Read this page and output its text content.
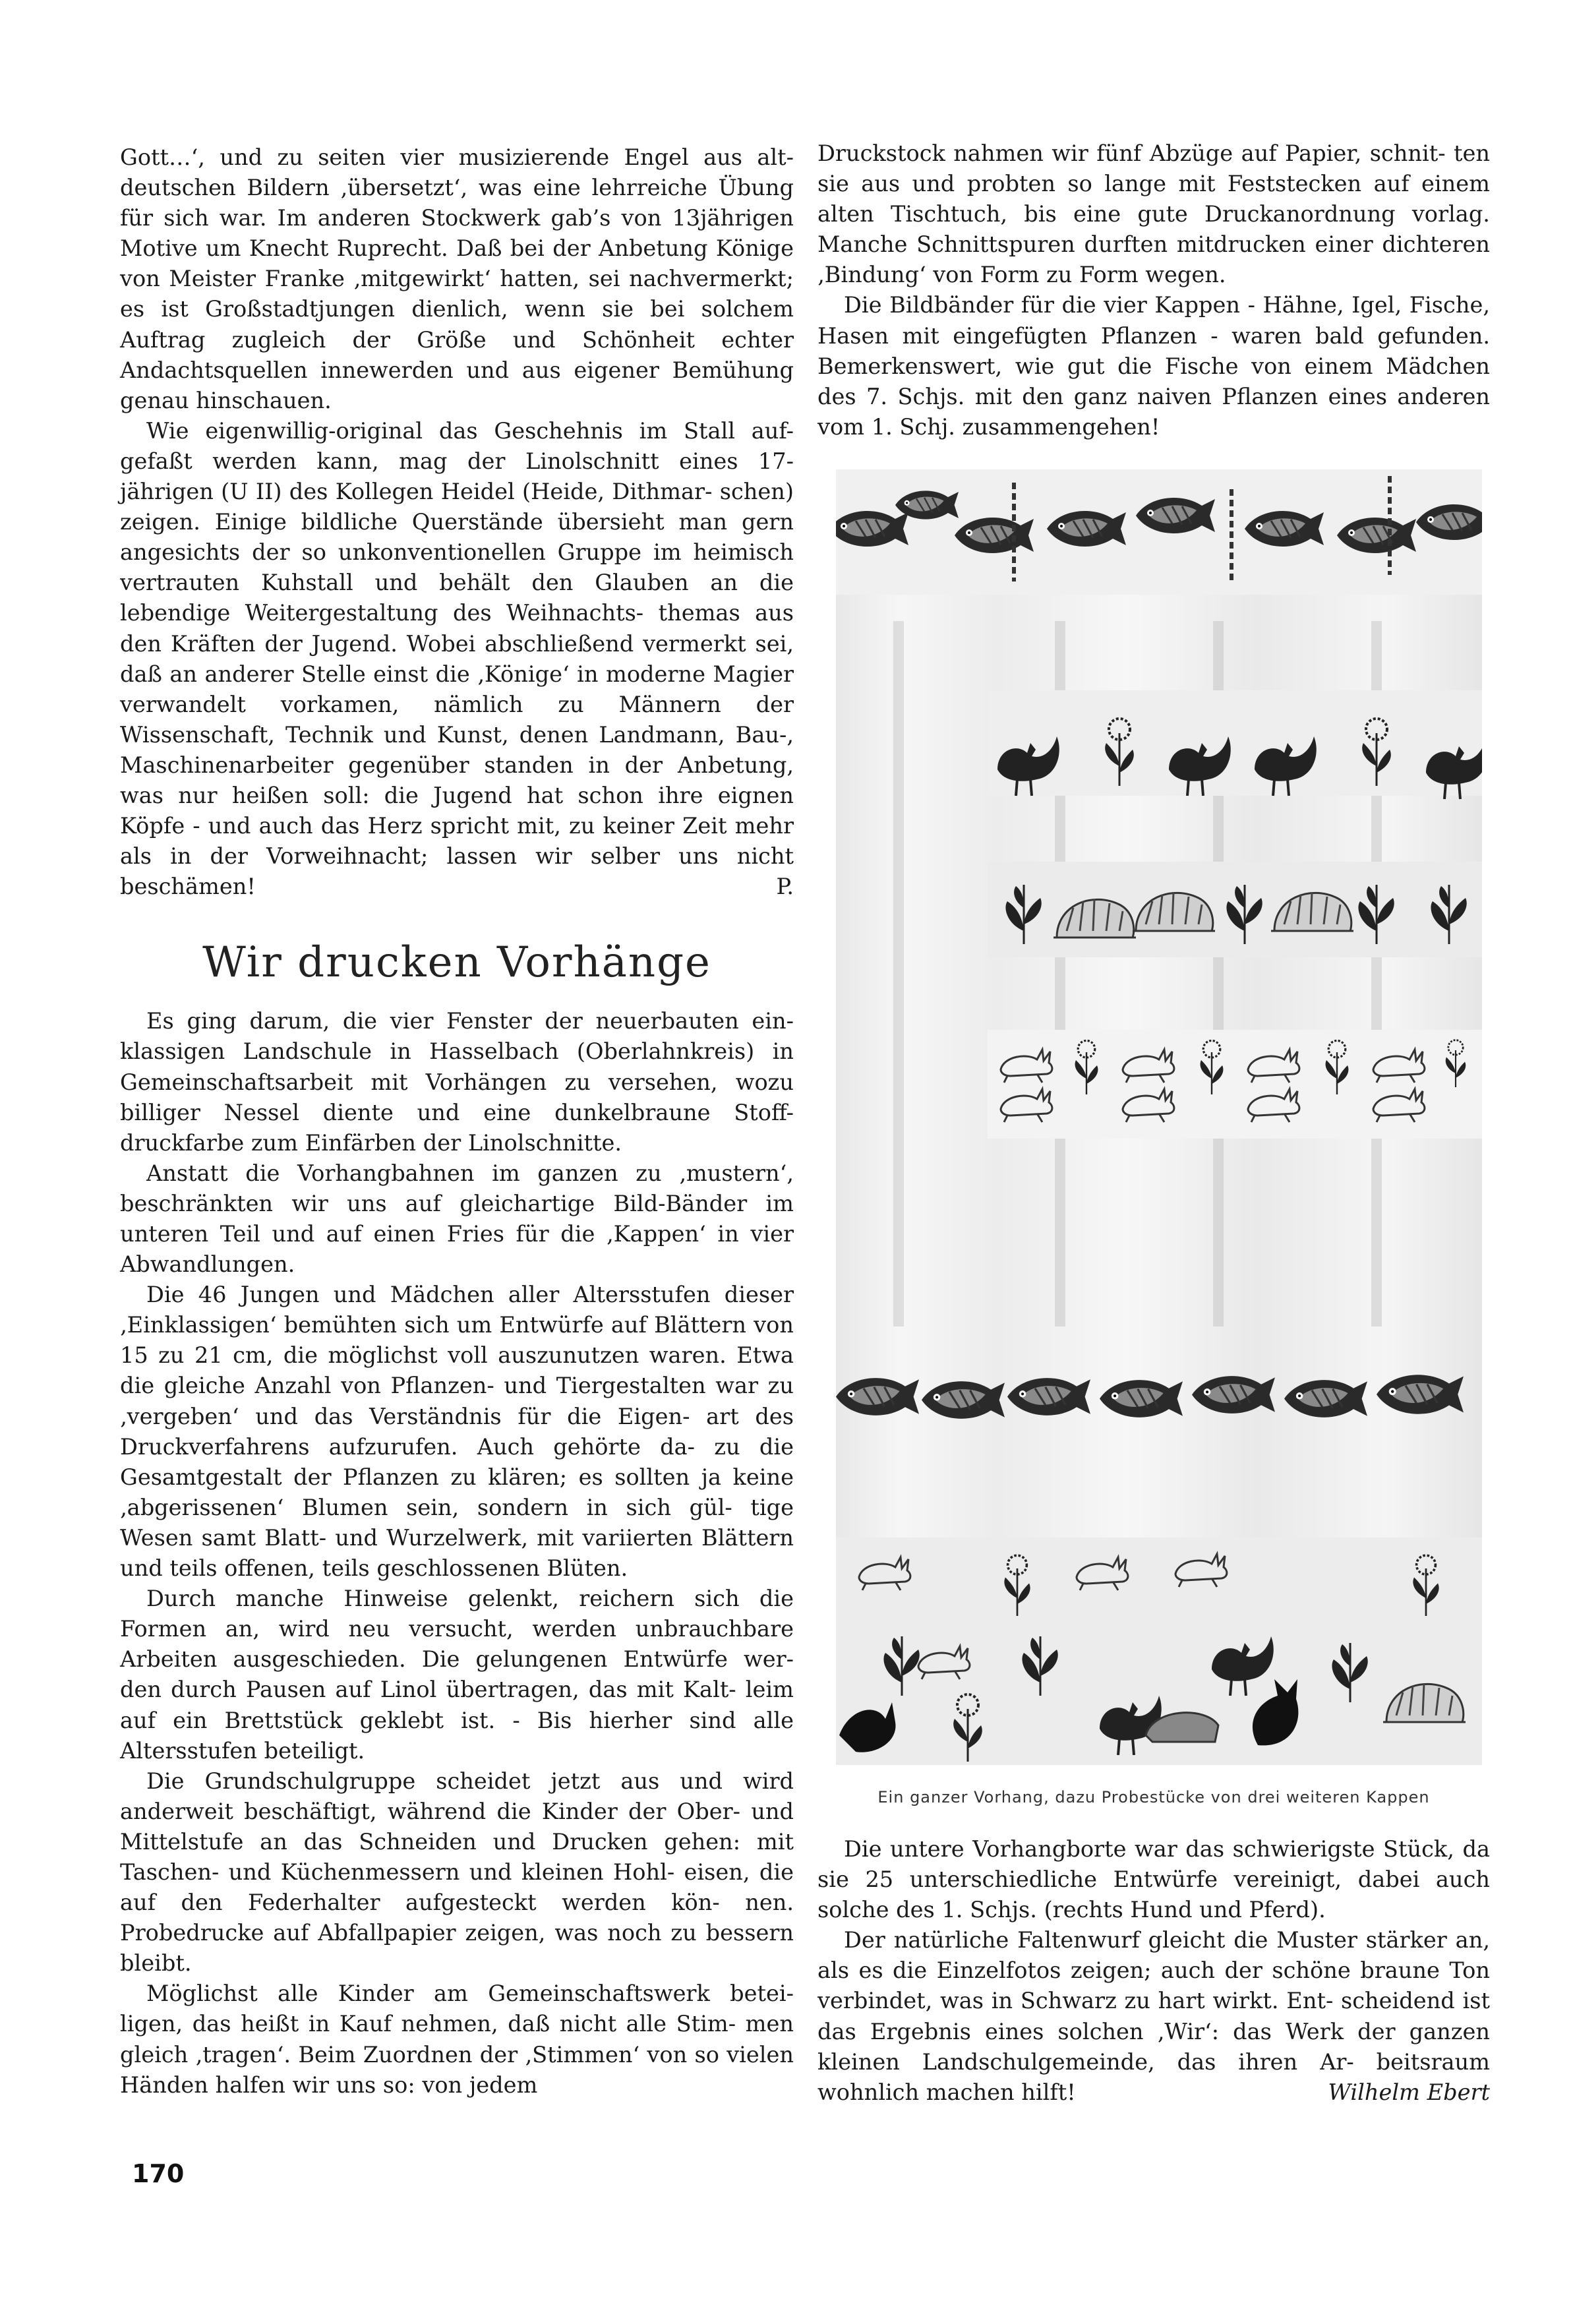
Gott…‘, und zu seiten vier musizierende Engel aus alt- deutschen Bildern ‚übersetzt‘, was eine lehrreiche Übung für sich war. Im anderen Stockwerk gab’s von 13jährigen Motive um Knecht Ruprecht. Daß bei der Anbetung Könige von Meister Franke ‚mitgewirkt‘ hatten, sei nachvermerkt; es ist Großstadtjungen dienlich, wenn sie bei solchem Auftrag zugleich der Größe und Schönheit echter Andachtsquellen innewerden und aus eigener Bemühung genau hinschauen.

Wie eigenwillig-original das Geschehnis im Stall auf- gefaßt werden kann, mag der Linolschnitt eines 17- jährigen (U II) des Kollegen Heidel (Heide, Dithmar- schen) zeigen. Einige bildliche Querstände übersieht man gern angesichts der so unkonventionellen Gruppe im heimisch vertrauten Kuhstall und behält den Glauben an die lebendige Weitergestaltung des Weihnachts- themas aus den Kräften der Jugend. Wobei abschließend vermerkt sei, daß an anderer Stelle einst die ‚Könige‘ in moderne Magier verwandelt vorkamen, nämlich zu Männern der Wissenschaft, Technik und Kunst, denen Landmann, Bau-, Maschinenarbeiter gegenüber standen in der Anbetung, was nur heißen soll: die Jugend hat schon ihre eignen Köpfe - und auch das Herz spricht mit, zu keiner Zeit mehr als in der Vorweihnacht; lassen wir selber uns nicht beschämen!	P.

Wir drucken Vorhänge

Es ging darum, die vier Fenster der neuerbauten ein- klassigen Landschule in Hasselbach (Oberlahnkreis) in Gemeinschaftsarbeit mit Vorhängen zu versehen, wozu billiger Nessel diente und eine dunkelbraune Stoff- druckfarbe zum Einfärben der Linolschnitte.

Anstatt die Vorhangbahnen im ganzen zu ‚mustern‘, beschränkten wir uns auf gleichartige Bild-Bänder im unteren Teil und auf einen Fries für die ‚Kappen‘ in vier Abwandlungen.

Die 46 Jungen und Mädchen aller Altersstufen dieser ‚Einklassigen‘ bemühten sich um Entwürfe auf Blättern von 15 zu 21 cm, die möglichst voll auszunutzen waren. Etwa die gleiche Anzahl von Pflanzen- und Tiergestalten war zu ‚vergeben‘ und das Verständnis für die Eigen- art des Druckverfahrens aufzurufen. Auch gehörte da- zu die Gesamtgestalt der Pflanzen zu klären; es sollten ja keine ‚abgerissenen‘ Blumen sein, sondern in sich gül- tige Wesen samt Blatt- und Wurzelwerk, mit variierten Blättern und teils offenen, teils geschlossenen Blüten.

Durch manche Hinweise gelenkt, reichern sich die Formen an, wird neu versucht, werden unbrauchbare Arbeiten ausgeschieden. Die gelungenen Entwürfe wer- den durch Pausen auf Linol übertragen, das mit Kalt- leim auf ein Brettstück geklebt ist. - Bis hierher sind alle Altersstufen beteiligt.

Die Grundschulgruppe scheidet jetzt aus und wird anderweit beschäftigt, während die Kinder der Ober- und Mittelstufe an das Schneiden und Drucken gehen: mit Taschen- und Küchenmessern und kleinen Hohl- eisen, die auf den Federhalter aufgesteckt werden kön- nen. Probedrucke auf Abfallpapier zeigen, was noch zu bessern bleibt.

Möglichst alle Kinder am Gemeinschaftswerk betei- ligen, das heißt in Kauf nehmen, daß nicht alle Stim- men gleich ‚tragen‘. Beim Zuordnen der ‚Stimmen‘ von so vielen Händen halfen wir uns so: von jedem

Druckstock nahmen wir fünf Abzüge auf Papier, schnit- ten sie aus und probten so lange mit Feststecken auf einem alten Tischtuch, bis eine gute Druckanordnung vorlag. Manche Schnittspuren durften mitdrucken einer dichteren ‚Bindung‘ von Form zu Form wegen.

Die Bildbänder für die vier Kappen - Hähne, Igel, Fische, Hasen mit eingefügten Pflanzen - waren bald gefunden. Bemerkenswert, wie gut die Fische von einem Mädchen des 7. Schjs. mit den ganz naiven Pflanzen eines anderen vom 1. Schj. zusammengehen!

Ein ganzer Vorhang, dazu Probestücke von drei weiteren Kappen

Die untere Vorhangborte war das schwierigste Stück, da sie 25 unterschiedliche Entwürfe vereinigt, dabei auch solche des 1. Schjs. (rechts Hund und Pferd).

Der natürliche Faltenwurf gleicht die Muster stärker an, als es die Einzelfotos zeigen; auch der schöne braune Ton verbindet, was in Schwarz zu hart wirkt. Ent- scheidend ist das Ergebnis eines solchen ‚Wir‘: das Werk der ganzen kleinen Landschulgemeinde, das ihren Ar- beitsraum wohnlich machen hilft!	Wilhelm Ebert

170
